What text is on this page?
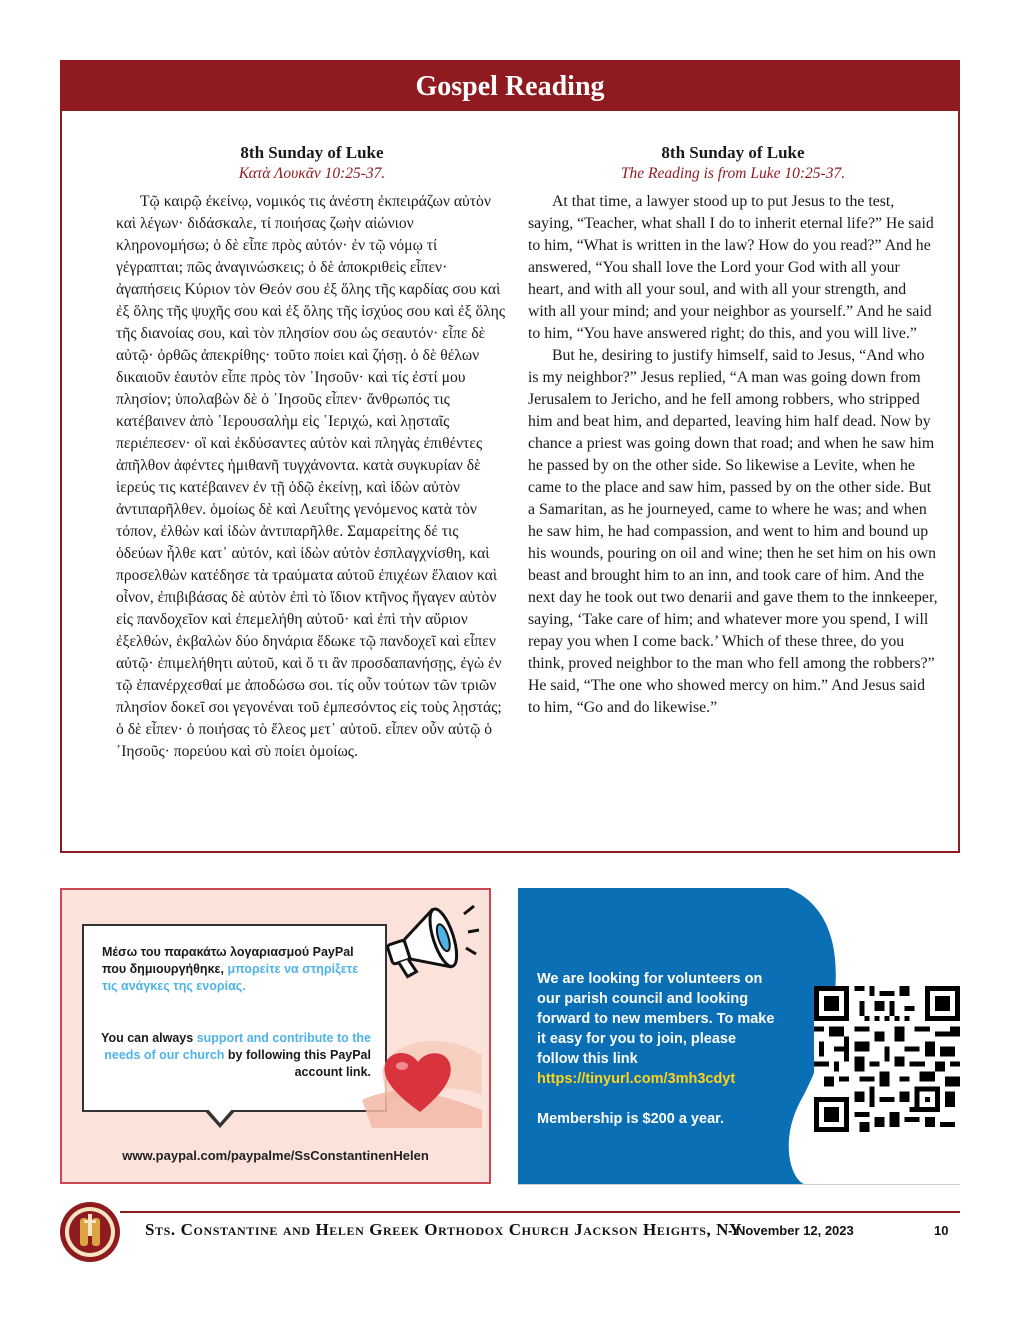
Gospel Reading

8th Sunday of Luke

Κατὰ Λουκᾶν 10:25-37.

Τῷ καιρῷ ἐκείνῳ, νομικός τις ἀνέστη ἐκπειράζων αὐτὸν καὶ λέγων· διδάσκαλε, τί ποιήσας ζωὴν αἰώνιον κληρονομήσω; ὁ δὲ εἶπε πρὸς αὐτόν· ἐν τῷ νόμῳ τί γέγραπται; πῶς ἀναγινώσκεις; ὁ δὲ ἀποκριθεὶς εἶπεν· ἀγαπήσεις Κύριον τὸν Θεόν σου ἐξ ὅλης τῆς καρδίας σου καὶ ἐξ ὅλης τῆς ψυχῆς σου καὶ ἐξ ὅλης τῆς ἰσχύος σου καὶ ἐξ ὅλης τῆς διανοίας σου, καὶ τὸν πλησίον σου ὡς σεαυτόν· εἶπε δὲ αὐτῷ· ὀρθῶς ἀπεκρίθης· τοῦτο ποίει καὶ ζήσῃ. ὁ δὲ θέλων δικαιοῦν ἑαυτὸν εἶπε πρὸς τὸν ᾿Ιησοῦν· καὶ τίς ἐστί μου πλησίον; ὑπολαβὼν δὲ ὁ ᾿Ιησοῦς εἶπεν· ἄνθρωπός τις κατέβαινεν ἀπὸ ῾Ιερουσαλὴμ εἰς ῾Ιεριχώ, καὶ λῃσταῖς περιέπεσεν· οἳ καὶ ἐκδύσαντες αὐτὸν καὶ πληγὰς ἐπιθέντες ἀπῆλθον ἀφέντες ἡμιθανῆ τυγχάνοντα. κατὰ συγκυρίαν δὲ ἱερεύς τις κατέβαινεν ἐν τῇ ὁδῷ ἐκείνῃ, καὶ ἰδὼν αὐτὸν ἀντιπαρῆλθεν. ὁμοίως δὲ καὶ Λευΐτης γενόμενος κατὰ τὸν τόπον, ἐλθὼν καὶ ἰδὼν ἀντιπαρῆλθε. Σαμαρείτης δέ τις ὁδεύων ἦλθε κατ᾿ αὐτόν, καὶ ἰδὼν αὐτὸν ἐσπλαγχνίσθη, καὶ προσελθὼν κατέδησε τὰ τραύματα αὐτοῦ ἐπιχέων ἔλαιον καὶ οἶνον, ἐπιβιβάσας δὲ αὐτὸν ἐπὶ τὸ ἴδιον κτῆνος ἤγαγεν αὐτὸν εἰς πανδοχεῖον καὶ ἐπεμελήθη αὐτοῦ· καὶ ἐπὶ τὴν αὔριον ἐξελθών, ἐκβαλὼν δύο δηνάρια ἔδωκε τῷ πανδοχεῖ καὶ εἶπεν αὐτῷ· ἐπιμελήθητι αὐτοῦ, καὶ ὅ τι ἂν προσδαπανήσῃς, ἐγὼ ἐν τῷ ἐπανέρχεσθαί με ἀποδώσω σοι. τίς οὖν τούτων τῶν τριῶν πλησίον δοκεῖ σοι γεγονέναι τοῦ ἐμπεσόντος εἰς τοὺς λῃστάς; ὁ δὲ εἶπεν· ὁ ποιήσας τὸ ἔλεος μετ᾿ αὐτοῦ. εἶπεν οὖν αὐτῷ ὁ ᾿Ιησοῦς· πορεύου καὶ σὺ ποίει ὁμοίως.

8th Sunday of Luke

The Reading is from Luke 10:25-37.

At that time, a lawyer stood up to put Jesus to the test, saying, “Teacher, what shall I do to inherit eternal life?” He said to him, “What is written in the law? How do you read?” And he answered, “You shall love the Lord your God with all your heart, and with all your soul, and with all your strength, and with all your mind; and your neighbor as yourself.” And he said to him, “You have answered right; do this, and you will live.”

But he, desiring to justify himself, said to Jesus, “And who is my neighbor?” Jesus replied, “A man was going down from Jerusalem to Jericho, and he fell among robbers, who stripped him and beat him, and departed, leaving him half dead. Now by chance a priest was going down that road; and when he saw him he passed by on the other side. So likewise a Levite, when he came to the place and saw him, passed by on the other side. But a Samaritan, as he journeyed, came to where he was; and when he saw him, he had compassion, and went to him and bound up his wounds, pouring on oil and wine; then he set him on his own beast and brought him to an inn, and took care of him. And the next day he took out two denarii and gave them to the innkeeper, saying, ‘Take care of him; and whatever more you spend, I will repay you when I come back.’ Which of these three, do you think, proved neighbor to the man who fell among the robbers?” He said, “The one who showed mercy on him.” And Jesus said to him, “Go and do likewise.”

Μέσω του παρακάτω λογαριασμού PayPal που δημιουργήθηκε, μπορείτε να στηρίξετε τις ανάγκες της ενορίας.
You can always support and contribute to the needs of our church by following this PayPal account link.
www.paypal.com/paypalme/SsConstantinenHelen
We are looking for volunteers on our parish council and looking forward to new members. To make it easy for you to join, please follow this link
https://tinyurl.com/3mh3cdyt
Membership is $200 a year.
Sts. Constantine and Helen Greek Orthodox Church Jackson Heights, NY
- November 12, 2023	10
